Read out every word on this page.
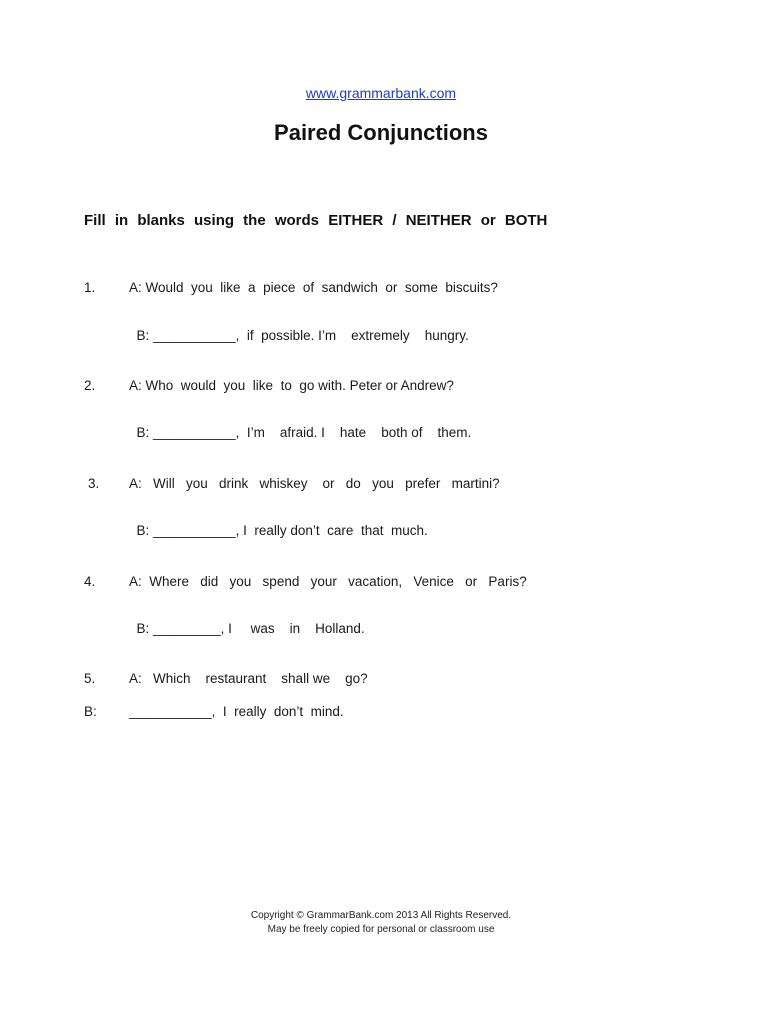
www.grammarbank.com
Paired Conjunctions
Fill in blanks using the words EITHER / NEITHER or BOTH
1. A: Would  you  like  a  piece  of  sandwich  or  some  biscuits?

B: ___________,  if  possible. I’m    extremely    hungry.

2. A: Who  would  you  like  to  go with. Peter or Andrew?

B: ___________,  I’m    afraid. I    hate    both of    them.

3. A:   Will   you   drink   whiskey    or   do   you   prefer   martini?

B: ___________, I  really don’t  care  that  much.

4. A:  Where   did   you   spend   your   vacation,   Venice   or   Paris?

B: _________, I     was    in    Holland.

5. A:   Which    restaurant    shall we    go?
B: ___________,  I  really  don’t  mind.
Copyright © GrammarBank.com 2013 All Rights Reserved.
May be freely copied for personal or classroom use
